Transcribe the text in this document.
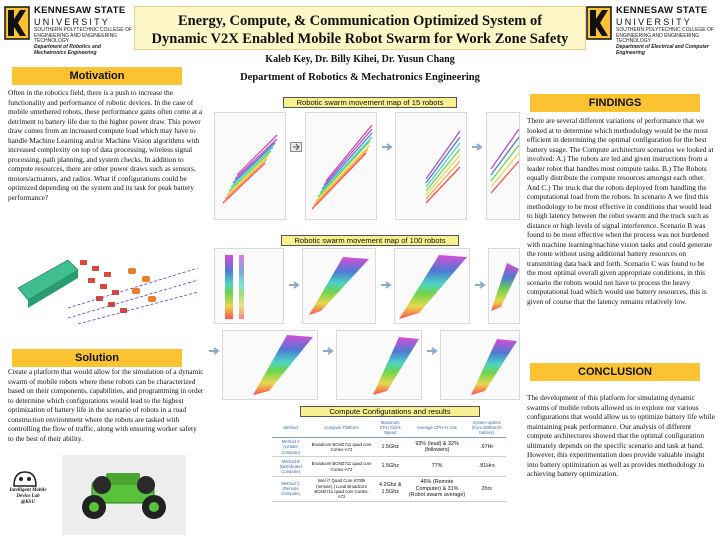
KENNESAW STATE
UNIVERSITY
SOUTHERN POLYTECHNIC COLLEGE OF ENGINEERING AND ENGINEERING TECHNOLOGY
Department of Robotics and Mechatronics Engineering
KENNESAW STATE
UNIVERSITY
SOUTHERN POLYTECHNIC COLLEGE OF ENGINEERING AND ENGINEERING TECHNOLOGY
Department of Electrical and Computer Engineering
Energy, Compute, & Communication Optimized System of
Dynamic V2X Enabled Mobile Robot Swarm for Work Zone Safety
Kaleb Key, Dr. Billy Kihei, Dr. Yusun Chang
Department of Robotics & Mechatronics Engineering
Motivation
Often in the robotics field, there is a push to increase the functionality and performance of robotic devices. In the case of mobile untethered robots, these performance gains often come at a detriment to battery life due to the higher power draw. This power draw comes from an increased compute load which may have to handle Machine Learning and/or Machine Vision algorithms with increased complexity on top of data processing, wireless signal processing, path planning, and system checks. In addition to compute resources, there are other power draws such as sensors, motors/actuators, and radios. What if configurations could be optimized depending on the system and its task for peak battery performance?
Solution
Create a platform that would allow for the simulation of a dynamic swarm of mobile robots where these robots can be characterized based on their components, capabilities, and programming in order to determine which configurations would lead to the highest optimization of battery life in the scenario of robots in a road construction environment where the robots are tasked with controlling the flow of traffic, along with ensuring worker safety to the best of their ability.
Intelligent Mobile
Device Lab
@KSU
Robotic swarm movement map of 15 robots
Robotic swarm movement map of 100 robots
Compute Configurations and results
Method	Compute Platform	Maximum CPU Clock Speed	Average CPU % Use	System uptime (from 5000mAh battery)
Method A (Leader Compute)	Broadcom BCM2711 quad core Cortex-A72	1.5Ghz	93% (lead) & 32%(followers)	.67Hr
Method B (Distributed Compute)	Broadcom BCM2711 quad core Cortex-A72	1.5Ghz	77%	.81Hrs
Method C (Remote Compute)	Intel i7 Quad Core 6700k (remote) | Local Broadcom BCM2711 quad core Cortex-A72	4.2Ghz & 1.5Ghz	46% (Remote Computer) & 31% (Robot swarm average)	2hrs
FINDINGS
There are several different variations of performance that we looked at to determine which methodology would be the most efficient in determining the optimal configuration for the best battery usage. The Compute architecture scenarios we looked at involved: A.) The robots are led and given instructions from a leader robot that handles most compute tasks. B.) The Robots equally distribute the compute resources amongst each other. And C.) The truck that the robots deployed from handling the computational load from the robots. In scenario A we find this methodology to be most effective in conditions that would lead to high latency between the robot swarm and the truck such as distance or high levels of signal interference. Scenario B was found to be most effective when the process was not burdened with machine learning/machine vision tasks and could generate the route without using additional battery resources on transmitting data back and forth. Scenario C was found to be the most optimal overall given appropriate conditions, in this scenario the robots would not have to process the heavy computational load which would use battery resources, this is given of course that the latency remains relatively low.
CONCLUSION
The development of this platform for simulating dynamic swarms of mobile robots allowed us to explore our various configurations that would allow us to optimize battery life while maintaining peak performance. Our analysis of different compute architectures showed that the optimal configuration ultimately depends on the specific scenario and task at hand. However, this experimentation does provide valuable insight into battery optimization as well as provides methodology to achieving battery optimization.
